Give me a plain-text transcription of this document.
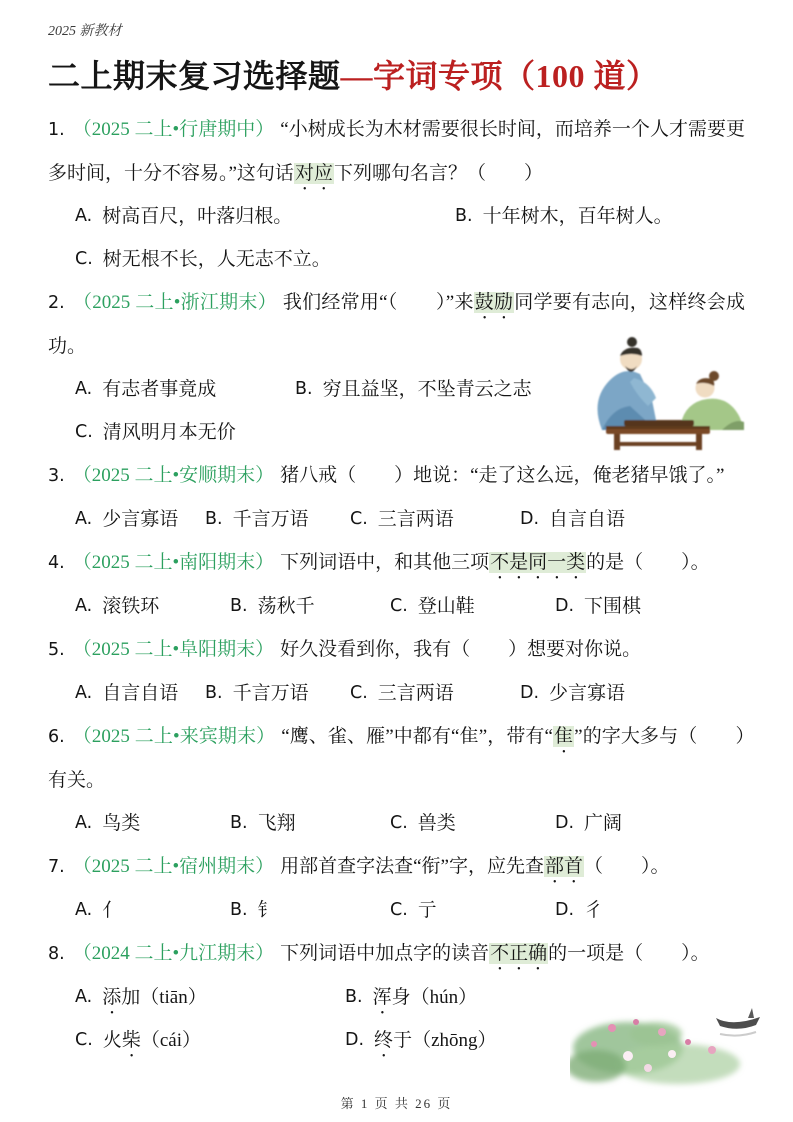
2025 新教材
二上期末复习选择题—字词专项（100 道）

1. （2025 二上•行唐期中） “小树成长为木材需要很长时间，而培养一个人才需要更多时间，十分不容易。”这句话对应下列哪句名言？（　　）

A. 树高百尺，叶落归根。	B. 十年树木，百年树人。
C. 树无根不长，人无志不立。

2. （2025 二上•浙江期末） 我们经常用“（　　）”来鼓励同学要有志向，这样终会成功。

A. 有志者事竟成	B. 穷且益坚，不坠青云之志
C. 清风明月本无价

3. （2025 二上•安顺期末） 猪八戒（　　）地说：“走了这么远，俺老猪早饿了。”

A. 少言寡语 B. 千言万语 C. 三言两语	D. 自言自语

4. （2025 二上•南阳期末） 下列词语中，和其他三项不是同一类的是（　　）。

A. 滚铁环	B. 荡秋千	C. 登山鞋	D. 下围棋

5. （2025 二上•阜阳期末） 好久没看到你，我有（　　）想要对你说。

A. 自言自语 B. 千言万语 C. 三言两语	D. 少言寡语

6. （2025 二上•来宾期末） “鹰、雀、雁”中都有“隹”，带有“隹”的字大多与（　　）有关。

A. 鸟类	B. 飞翔	C. 兽类	D. 广阔

7. （2025 二上•宿州期末） 用部首查字法查“衔”字，应先查部首（　　）。

A. 亻	B. 钅	C. 亍	D. 彳

8. （2024 二上•九江期末） 下列词语中加点字的读音不正确的一项是（　　）。

A. 添加（tiān）	B. 浑身（hún）
C. 火柴（cái）	D. 终于（zhōng）
第 1 页 共 26 页
